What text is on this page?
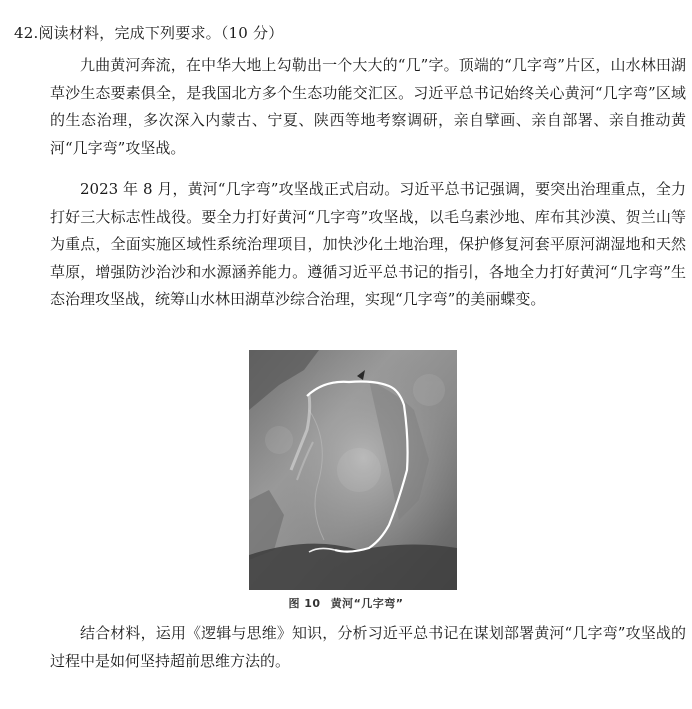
42.阅读材料，完成下列要求。（10 分）
九曲黄河奔流，在中华大地上勾勒出一个大大的“几”字。顶端的“几字弯”片区，山水林田湖草沙生态要素俱全，是我国北方多个生态功能交汇区。习近平总书记始终关心黄河“几字弯”区域的生态治理，多次深入内蒙古、宁夏、陕西等地考察调研，亲自擘画、亲自部署、亲自推动黄河“几字弯”攻坚战。
2023 年 8 月，黄河“几字弯”攻坚战正式启动。习近平总书记强调，要突出治理重点，全力打好三大标志性战役。要全力打好黄河“几字弯”攻坚战，以毛乌素沙地、库布其沙漠、贺兰山等为重点，全面实施区域性系统治理项目，加快沙化土地治理，保护修复河套平原河湖湿地和天然草原，增强防沙治沙和水源涵养能力。遵循习近平总书记的指引，各地全力打好黄河“几字弯”生态治理攻坚战，统筹山水林田湖草沙综合治理，实现“几字弯”的美丽蝶变。
图 10 黄河“几字弯”
结合材料，运用《逻辑与思维》知识，分析习近平总书记在谋划部署黄河“几字弯”攻坚战的过程中是如何坚持超前思维方法的。
